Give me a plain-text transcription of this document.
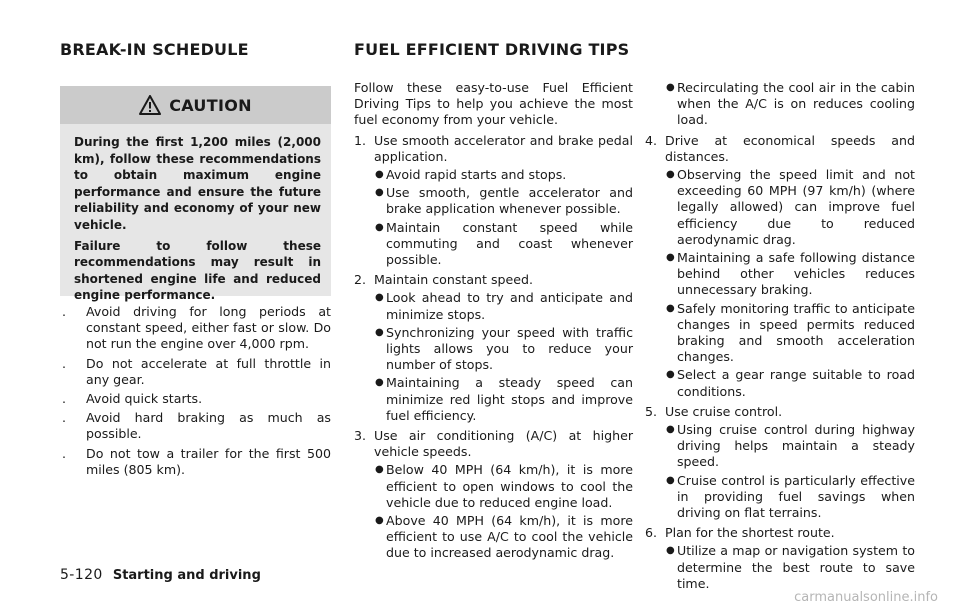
BREAK-IN SCHEDULE	FUEL EFFICIENT DRIVING TIPS
CAUTION

During the first 1,200 miles (2,000 km), follow these recommendations to obtain maximum engine performance and ensure the future reliability and economy of your new vehicle.

Failure to follow these recommendations may result in shortened engine life and reduced engine performance.

. Avoid driving for long periods at constant speed, either fast or slow. Do not run the engine over 4,000 rpm.
. Do not accelerate at full throttle in any gear.
. Avoid quick starts.
. Avoid hard braking as much as possible.
. Do not tow a trailer for the first 500 miles (805 km).

Follow these easy-to-use Fuel Efficient Driving Tips to help you achieve the most fuel economy from your vehicle.

1. Use smooth accelerator and brake pedal application.
● Avoid rapid starts and stops.
● Use smooth, gentle accelerator and brake application whenever possible.
● Maintain constant speed while commuting and coast whenever possible.
2. Maintain constant speed.
● Look ahead to try and anticipate and minimize stops.
● Synchronizing your speed with traffic lights allows you to reduce your number of stops.
● Maintaining a steady speed can minimize red light stops and improve fuel efficiency.
3. Use air conditioning (A/C) at higher vehicle speeds.
● Below 40 MPH (64 km/h), it is more efficient to open windows to cool the vehicle due to reduced engine load.
● Above 40 MPH (64 km/h), it is more efficient to use A/C to cool the vehicle due to increased aerodynamic drag.
● Recirculating the cool air in the cabin when the A/C is on reduces cooling load.
4. Drive at economical speeds and distances.
● Observing the speed limit and not exceeding 60 MPH (97 km/h) (where legally allowed) can improve fuel efficiency due to reduced aerodynamic drag.
● Maintaining a safe following distance behind other vehicles reduces unnecessary braking.
● Safely monitoring traffic to anticipate changes in speed permits reduced braking and smooth acceleration changes.
● Select a gear range suitable to road conditions.
5. Use cruise control.
● Using cruise control during highway driving helps maintain a steady speed.
● Cruise control is particularly effective in providing fuel savings when driving on flat terrains.
6. Plan for the shortest route.
● Utilize a map or navigation system to determine the best route to save time.
5-120 Starting and driving
carmanualsonline.info
